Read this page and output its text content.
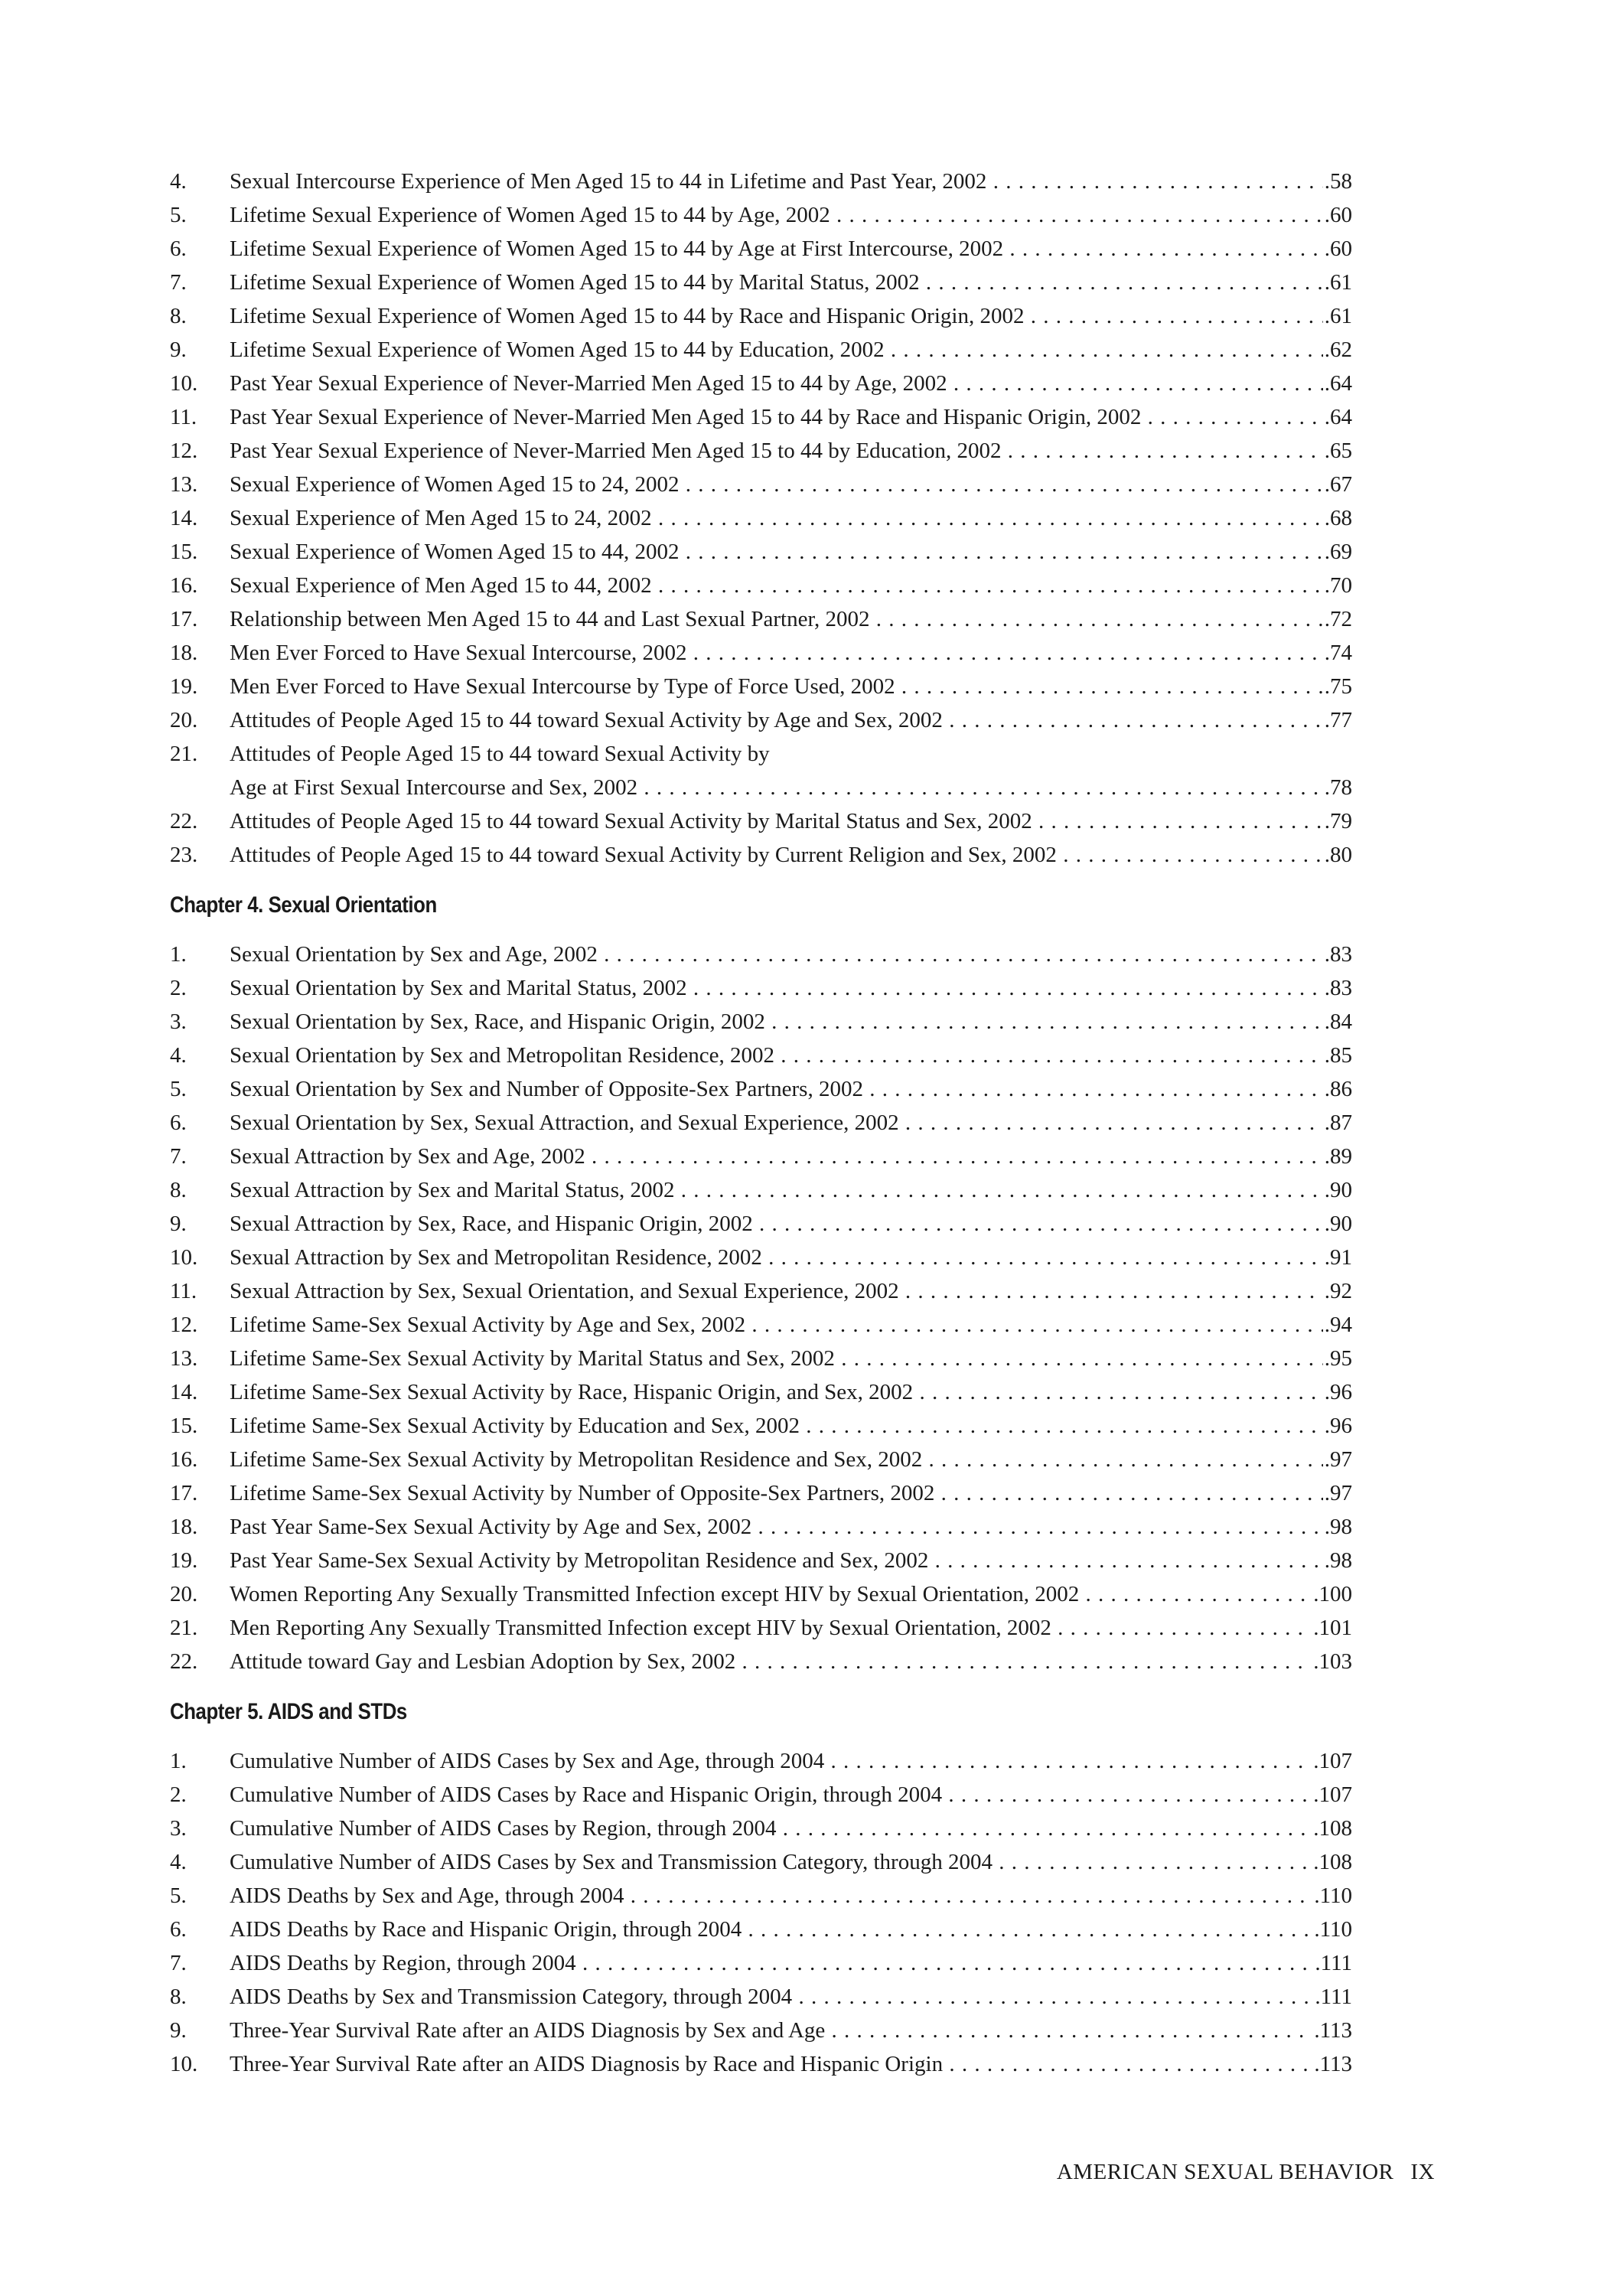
4. Sexual Intercourse Experience of Men Aged 15 to 44 in Lifetime and Past Year, 2002 . . .	.58
5. Lifetime Sexual Experience of Women Aged 15 to 44 by Age, 2002 . . .	.60
6. Lifetime Sexual Experience of Women Aged 15 to 44 by Age at First Intercourse, 2002 . . .	.60
7. Lifetime Sexual Experience of Women Aged 15 to 44 by Marital Status, 2002 . . .	.61
8. Lifetime Sexual Experience of Women Aged 15 to 44 by Race and Hispanic Origin, 2002 . . .	.61
9. Lifetime Sexual Experience of Women Aged 15 to 44 by Education, 2002 . . .	.62
10. Past Year Sexual Experience of Never-Married Men Aged 15 to 44 by Age, 2002 . . .	.64
11. Past Year Sexual Experience of Never-Married Men Aged 15 to 44 by Race and Hispanic Origin, 2002 . . .	.64
12. Past Year Sexual Experience of Never-Married Men Aged 15 to 44 by Education, 2002 . . .	.65
13. Sexual Experience of Women Aged 15 to 24, 2002 . . .	.67
14. Sexual Experience of Men Aged 15 to 24, 2002 . . .	.68
15. Sexual Experience of Women Aged 15 to 44, 2002 . . .	.69
16. Sexual Experience of Men Aged 15 to 44, 2002 . . .	.70
17. Relationship between Men Aged 15 to 44 and Last Sexual Partner, 2002 . . .	.72
18. Men Ever Forced to Have Sexual Intercourse, 2002 . . .	.74
19. Men Ever Forced to Have Sexual Intercourse by Type of Force Used, 2002 . . .	.75
20. Attitudes of People Aged 15 to 44 toward Sexual Activity by Age and Sex, 2002 . . .	.77
21. Attitudes of People Aged 15 to 44 toward Sexual Activity by
Age at First Sexual Intercourse and Sex, 2002 . . .	.78
22. Attitudes of People Aged 15 to 44 toward Sexual Activity by Marital Status and Sex, 2002 . . .	.79
23. Attitudes of People Aged 15 to 44 toward Sexual Activity by Current Religion and Sex, 2002 . . .	.80
Chapter 4. Sexual Orientation
1. Sexual Orientation by Sex and Age, 2002 . . .	.83
2. Sexual Orientation by Sex and Marital Status, 2002 . . .	.83
3. Sexual Orientation by Sex, Race, and Hispanic Origin, 2002 . . .	.84
4. Sexual Orientation by Sex and Metropolitan Residence, 2002 . . .	.85
5. Sexual Orientation by Sex and Number of Opposite-Sex Partners, 2002 . . .	.86
6. Sexual Orientation by Sex, Sexual Attraction, and Sexual Experience, 2002 . . .	.87
7. Sexual Attraction by Sex and Age, 2002 . . .	.89
8. Sexual Attraction by Sex and Marital Status, 2002 . . .	.90
9. Sexual Attraction by Sex, Race, and Hispanic Origin, 2002 . . .	.90
10. Sexual Attraction by Sex and Metropolitan Residence, 2002 . . .	.91
11. Sexual Attraction by Sex, Sexual Orientation, and Sexual Experience, 2002 . . .	.92
12. Lifetime Same-Sex Sexual Activity by Age and Sex, 2002 . . .	.94
13. Lifetime Same-Sex Sexual Activity by Marital Status and Sex, 2002 . . .	.95
14. Lifetime Same-Sex Sexual Activity by Race, Hispanic Origin, and Sex, 2002 . . .	.96
15. Lifetime Same-Sex Sexual Activity by Education and Sex, 2002 . . .	.96
16. Lifetime Same-Sex Sexual Activity by Metropolitan Residence and Sex, 2002 . . .	.97
17. Lifetime Same-Sex Sexual Activity by Number of Opposite-Sex Partners, 2002 . . .	.97
18. Past Year Same-Sex Sexual Activity by Age and Sex, 2002 . . .	.98
19. Past Year Same-Sex Sexual Activity by Metropolitan Residence and Sex, 2002 . . .	.98
20. Women Reporting Any Sexually Transmitted Infection except HIV by Sexual Orientation, 2002 . . .	.100
21. Men Reporting Any Sexually Transmitted Infection except HIV by Sexual Orientation, 2002 . . .	.101
22. Attitude toward Gay and Lesbian Adoption by Sex, 2002 . . .	.103
Chapter 5. AIDS and STDs
1. Cumulative Number of AIDS Cases by Sex and Age, through 2004 . . .	.107
2. Cumulative Number of AIDS Cases by Race and Hispanic Origin, through 2004 . . .	.107
3. Cumulative Number of AIDS Cases by Region, through 2004 . . .	.108
4. Cumulative Number of AIDS Cases by Sex and Transmission Category, through 2004 . . .	.108
5. AIDS Deaths by Sex and Age, through 2004 . . .	.110
6. AIDS Deaths by Race and Hispanic Origin, through 2004 . . .	.110
7. AIDS Deaths by Region, through 2004 . . .	.111
8. AIDS Deaths by Sex and Transmission Category, through 2004 . . .	.111
9. Three-Year Survival Rate after an AIDS Diagnosis by Sex and Age . . .	.113
10. Three-Year Survival Rate after an AIDS Diagnosis by Race and Hispanic Origin . . .	.113
AMERICAN SEXUAL BEHAVIOR IX
